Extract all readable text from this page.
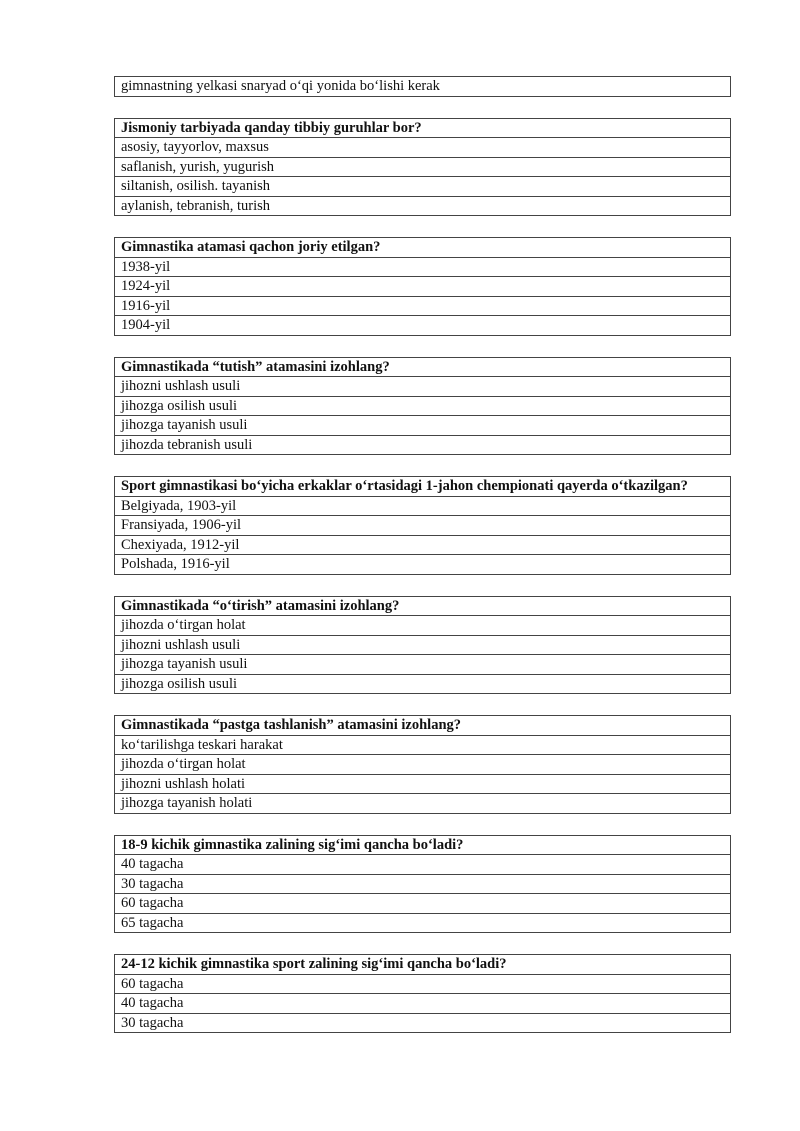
gimnastning yelkasi snaryad o‘qi yonida bo‘lishi kerak
Jismoniy tarbiyada qanday tibbiy guruhlar bor?
asosiy, tayyorlov, maxsus
saflanish, yurish, yugurish
siltanish, osilish. tayanish
aylanish, tebranish, turish
Gimnastika atamasi qachon joriy etilgan?
1938-yil
1924-yil
1916-yil
1904-yil
Gimnastikada “tutish” atamasini izohlang?
jihozni ushlash usuli
jihozga osilish usuli
jihozga tayanish usuli
jihozda tebranish usuli
Sport gimnastikasi bo‘yicha erkaklar o‘rtasidagi 1-jahon chempionati qayerda o‘tkazilgan?
Belgiyada, 1903-yil
Fransiyada, 1906-yil
Chexiyada, 1912-yil
Polshada, 1916-yil
Gimnastikada “o‘tirish” atamasini izohlang?
jihozda o‘tirgan holat
jihozni ushlash usuli
jihozga tayanish usuli
jihozga osilish usuli
Gimnastikada “pastga tashlanish” atamasini izohlang?
ko‘tarilishga teskari harakat
jihozda o‘tirgan holat
jihozni ushlash holati
jihozga tayanish holati
18-9 kichik gimnastika zalining sig‘imi qancha bo‘ladi?
40 tagacha
30 tagacha
60 tagacha
65 tagacha
24-12 kichik gimnastika sport zalining sig‘imi qancha bo‘ladi?
60 tagacha
40 tagacha
30 tagacha
